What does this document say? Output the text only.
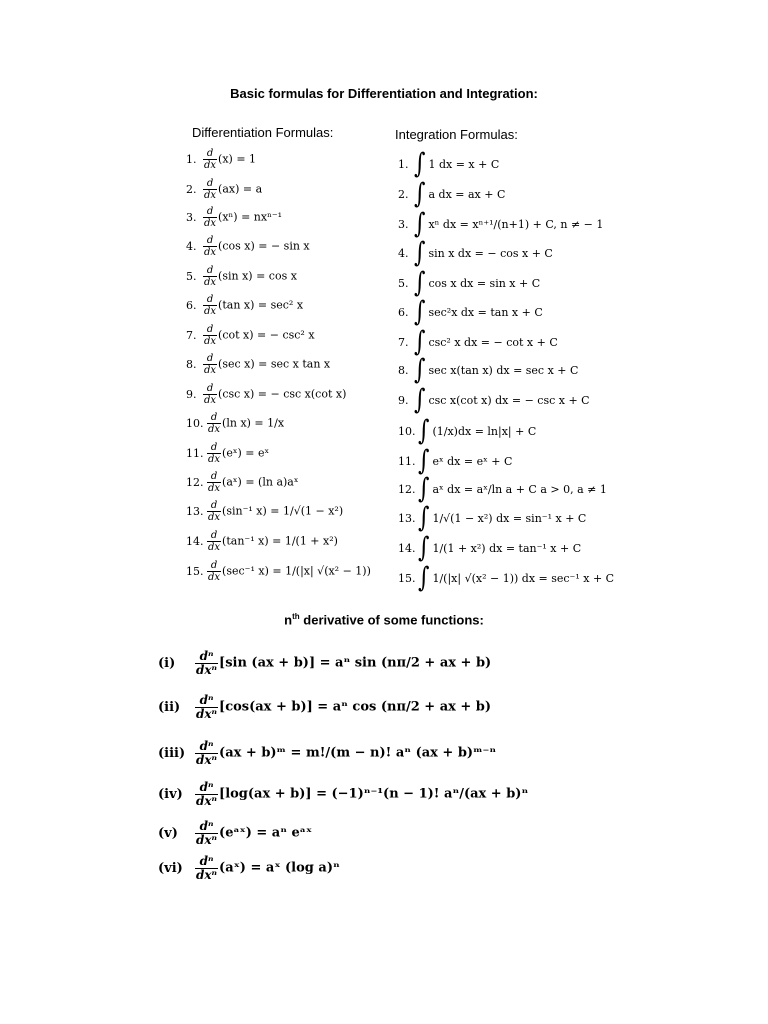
Basic formulas for Differentiation and Integration:
Differentiation Formulas:	Integration Formulas:
1. $\frac{d}{dx} (x) = 1$
2. $\frac{d}{dx} (ax) = a$
3. $\frac{d}{dx} (x^n) = nx^{n-1}$
4. $\frac{d}{dx} (\cos$ x) = − sin x
5. $\frac{d}{dx} (\sin$ x) = cos x
6. $\frac{d}{dx} (\tan$ x) = sec² x
7. $\frac{d}{dx} (\cot$ x) = − csc² x
8. $\frac{d}{dx} (\sec$ x) = sec x tan x
9. $\frac{d}{dx} (\csc$ x) = − csc x(cot x)
10. $\frac{d}{dx} (\ln$ x) = 1/x
11. $\frac{d}{dx}$ (eˣ) = eˣ
12. $\frac{d}{dx}$ (aˣ) = (ln a)aˣ
13. $\frac{d}{dx} (\sin^{-1}$ x) = 1/√(1 − x²)
14. $\frac{d}{dx} (\tan^{-1}$ x) = 1/(1 + x²)
15. $\frac{d}{dx} (\sec^{-1}$ x) = 1/(|x| √(x² − 1))
1. ∫ 1 dx = x + C
2. ∫ a dx = ax + C
3. ∫ xⁿ dx = xⁿ⁺¹/(n+1) + C, n ≠ − 1
4. ∫ sin x dx = − cos x + C
5. ∫ cos x dx = sin x + C
6. ∫ sec²x dx = tan x + C
7. ∫ csc² x dx = − cot x + C
8. ∫ sec x(tan x) dx = sec x + C
9. ∫ csc x(cot x) dx = − csc x + C
10. ∫ (1/x)dx = ln|x| + C
11. ∫ eˣ dx = eˣ + C
12. ∫ aˣ dx = aˣ/ln a + C a > 0, a ≠ 1
13. ∫ 1/√(1 − x²) dx = sin⁻¹ x + C
14. ∫ 1/(1 + x²) dx = tan⁻¹ x + C
15. ∫ 1/(|x| √(x² − 1)) dx = sec⁻¹ x + C
$n^{th}$ derivative of some functions:
$(i) \frac{\text{dⁿ}}{\text{dxⁿ}} [\sin$ (ax + b)] = aⁿ sin (nπ/2 + ax + b)
$(ii) \frac{\text{dⁿ}}{\text{dxⁿ}} [\cos(ax + b)] = a^n$ cos (nπ/2 + ax + b)
$(iii) \frac{\text{dⁿ}}{\text{dxⁿ}} (ax$ + b)ᵐ = m!/(m − n)! aⁿ (ax + b)ᵐ⁻ⁿ
$(iv) \frac{\text{dⁿ}}{\text{dxⁿ}} [\log(ax + b)] = (-1)^{n-1}(n - 1)$! aⁿ/(ax + b)ⁿ
$(v) \frac{\text{dⁿ}}{\text{dxⁿ}}$ (eᵃˣ) = aⁿ eᵃˣ
$(vi) \frac{\text{dⁿ}}{\text{dxⁿ}}$ (aˣ) = aˣ (log a)ⁿ
